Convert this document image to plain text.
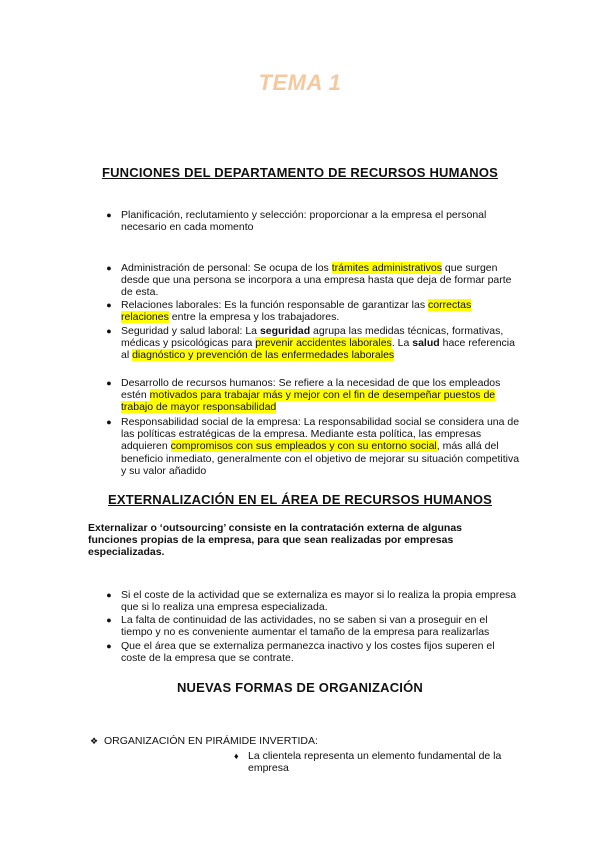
TEMA 1
FUNCIONES DEL DEPARTAMENTO DE RECURSOS HUMANOS
● Planificación, reclutamiento y selección: proporcionar a la empresa el personal necesario en cada momento
● Administración de personal: Se ocupa de los trámites administrativos que surgen desde que una persona se incorpora a una empresa hasta que deja de formar parte de esta.
● Relaciones laborales: Es la función responsable de garantizar las correctas relaciones entre la empresa y los trabajadores.
● Seguridad y salud laboral: La seguridad agrupa las medidas técnicas, formativas, médicas y psicológicas para prevenir accidentes laborales. La salud hace referencia al diagnóstico y prevención de las enfermedades laborales
● Desarrollo de recursos humanos: Se refiere a la necesidad de que los empleados estén motivados para trabajar más y mejor con el fin de desempeñar puestos de trabajo de mayor responsabilidad
● Responsabilidad social de la empresa: La responsabilidad social se considera una de las políticas estratégicas de la empresa. Mediante esta política, las empresas adquieren compromisos con sus empleados y con su entorno social, más allá del beneficio inmediato, generalmente con el objetivo de mejorar su situación competitiva y su valor añadido
EXTERNALIZACIÓN EN EL ÁREA DE RECURSOS HUMANOS
Externalizar o ‘outsourcing’ consiste en la contratación externa de algunas funciones propias de la empresa, para que sean realizadas por empresas especializadas.
● Si el coste de la actividad que se externaliza es mayor si lo realiza la propia empresa que si lo realiza una empresa especializada.
● La falta de continuidad de las actividades, no se saben si van a proseguir en el tiempo y no es conveniente aumentar el tamaño de la empresa para realizarlas
● Que el área que se externaliza permanezca inactivo y los costes fijos superen el coste de la empresa que se contrate.
NUEVAS FORMAS DE ORGANIZACIÓN
❖ ORGANIZACIÓN EN PIRÁMIDE INVERTIDA:
♦ La clientela representa un elemento fundamental de la empresa
